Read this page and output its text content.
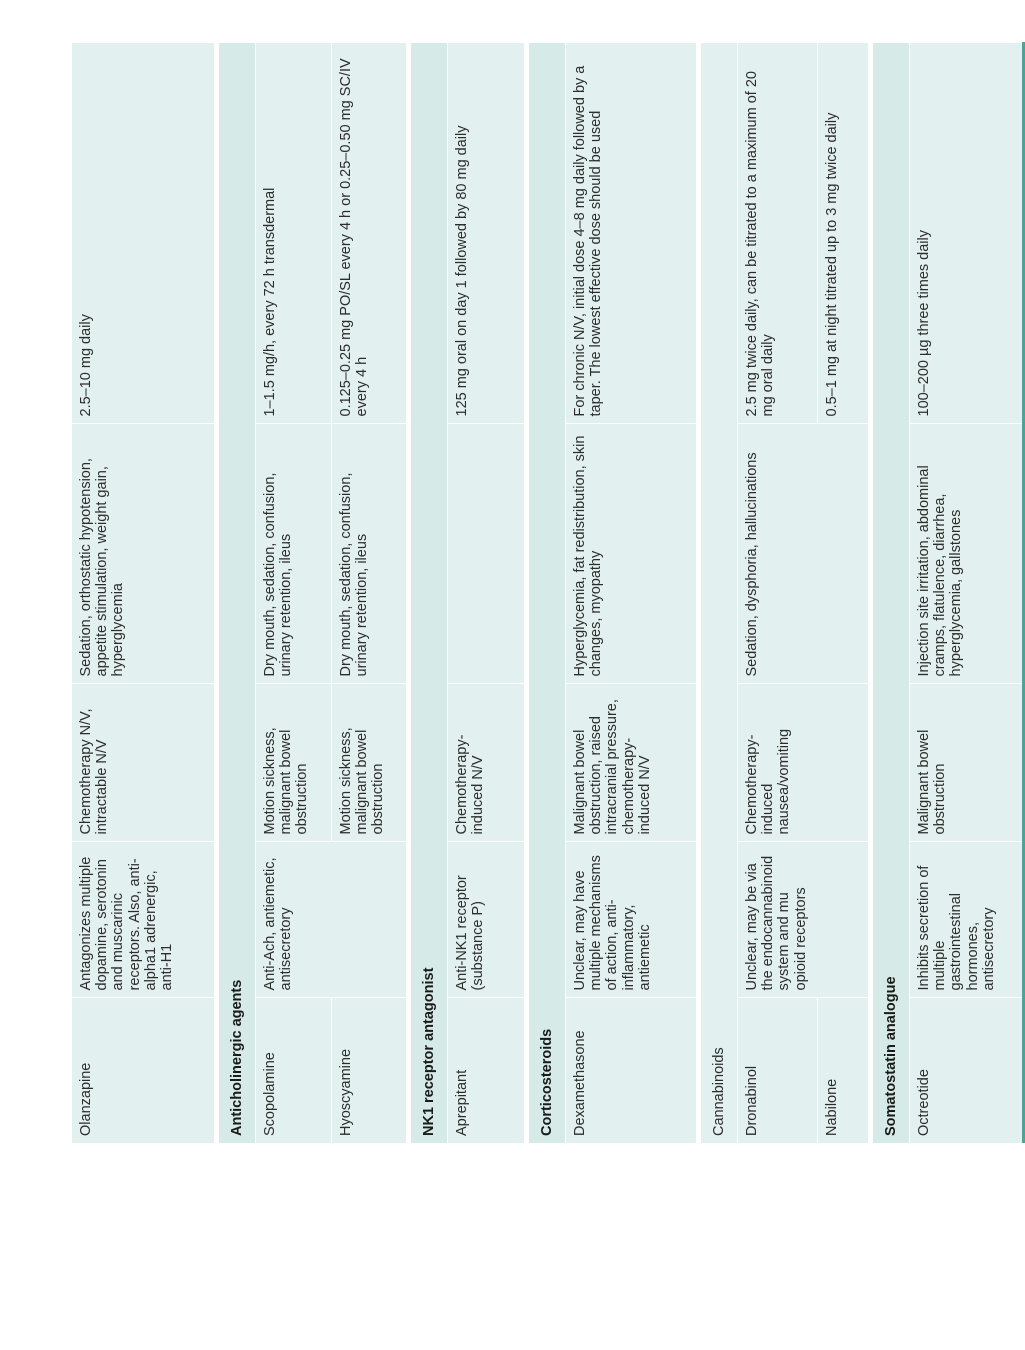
Olanzapine	Antagonizes multiple dopamine, serotonin and muscarinic receptors. Also, anti-alpha1 adrenergic, anti-H1	Chemotherapy N/V, intractable N/V	Sedation, orthostatic hypotension, appetite stimulation, weight gain, hyperglycemia	2.5–10 mg daily

Anticholinergic agents				
Scopolamine	Anti-Ach, antiemetic, antisecretory	Motion sickness, malignant bowel obstruction	Dry mouth, sedation, confusion, urinary retention, ileus	1–1.5 mg/h, every 72 h transdermal
Hyoscyamine		Motion sickness, malignant bowel obstruction	Dry mouth, sedation, confusion, urinary retention, ileus	0.125–0.25 mg PO/SL every 4 h or 0.25–0.50 mg SC/IV every 4 h

NK1 receptor antagonist				
Aprepitant	Anti-NK1 receptor (substance P)	Chemotherapy-induced N/V		125 mg oral on day 1 followed by 80 mg daily

Corticosteroids				
Dexamethasone	Unclear, may have multiple mechanisms of action, anti-inflammatory, antiemetic	Malignant bowel obstruction, raised intracranial pressure, chemotherapy-induced N/V	Hyperglycemia, fat redistribution, skin changes, myopathy	For chronic N/V, initial dose 4–8 mg daily followed by a taper. The lowest effective dose should be used

Cannabinoids				
Dronabinol	Unclear, may be via the endocannabinoid system and mu opioid receptors	Chemotherapy-induced nausea/vomiting	Sedation, dysphoria, hallucinations	2.5 mg twice daily, can be titrated to a maximum of 20 mg oral daily
Nabilone				0.5–1 mg at night titrated up to 3 mg twice daily

Somatostatin analogue				
Octreotide	Inhibits secretion of multiple gastrointestinal hormones, antisecretory	Malignant bowel obstruction	Injection site irritation, abdominal cramps, flatulence, diarrhea, hyperglycemia, gallstones	100–200 µg three times daily
